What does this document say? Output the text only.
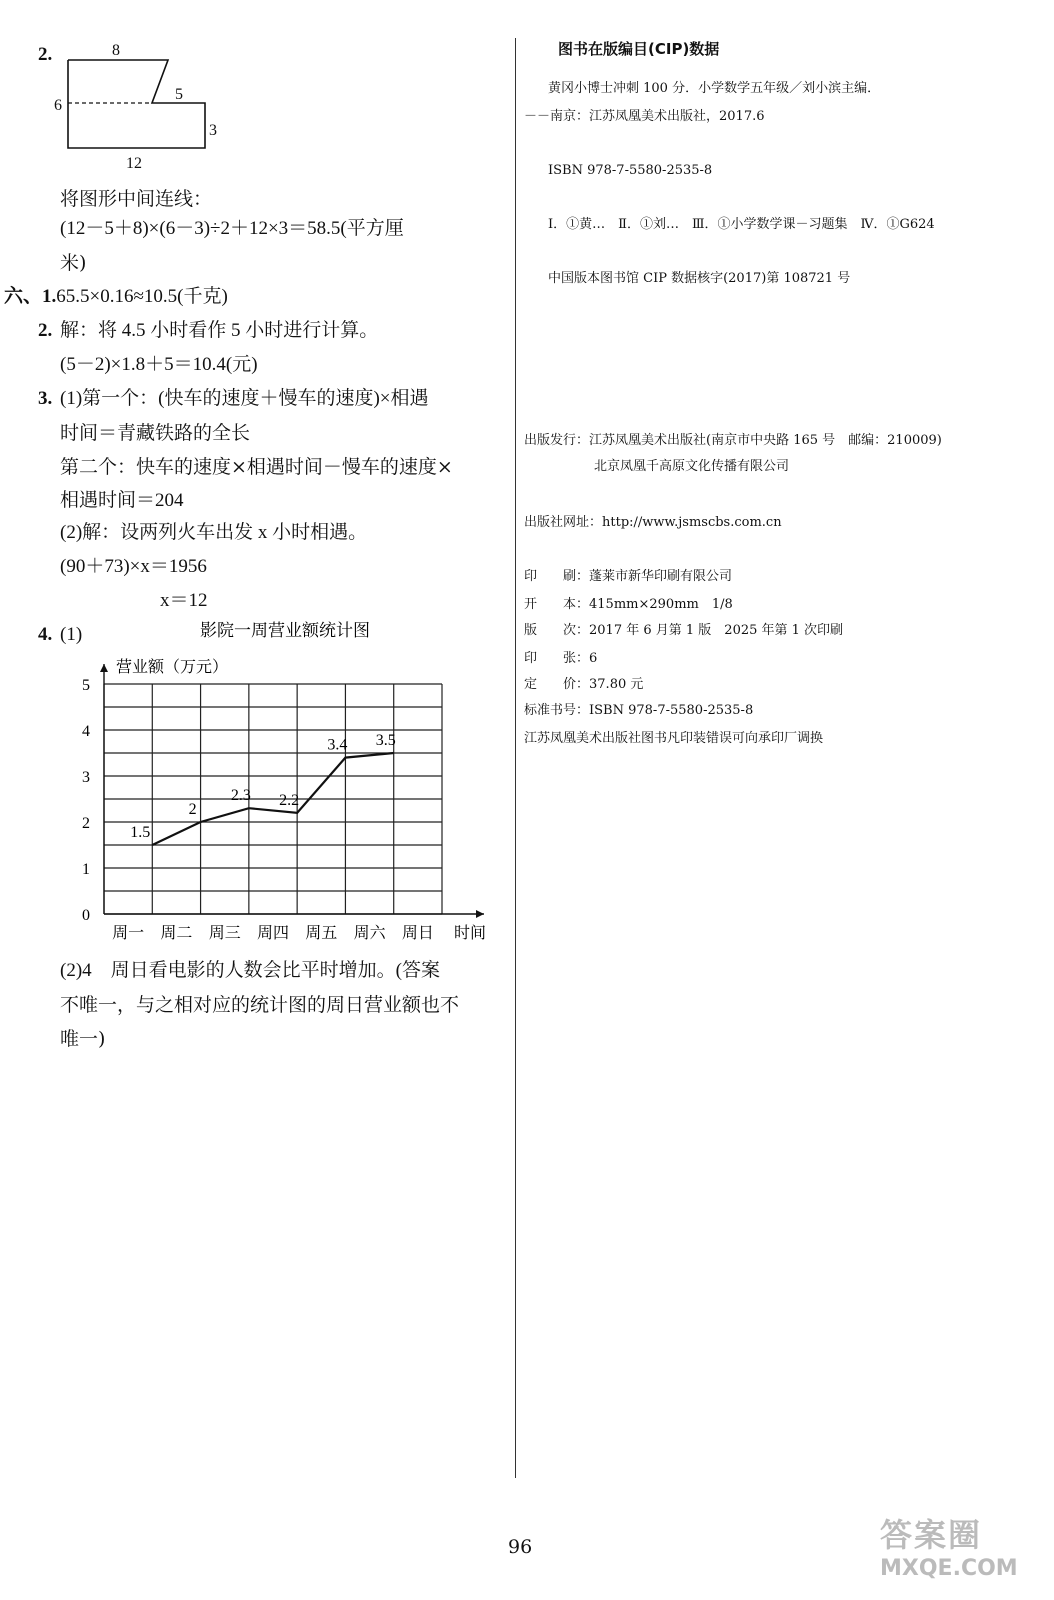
2.	8
6
5
3
12
将图形中间连线：
(12－5＋8)×(6－3)÷2＋12×3＝58.5(平方厘
米)
六、1.65.5×0.16≈10.5(千克)
2. 解：将 4.5 小时看作 5 小时进行计算。
(5－2)×1.8＋5＝10.4(元)
3. (1)第一个：(快车的速度＋慢车的速度)×相遇
时间＝青藏铁路的全长
第二个：快车的速度×相遇时间－慢车的速度×
相遇时间＝204
(2)解：设两列火车出发 x 小时相遇。
(90＋73)×x＝1956
x＝12
4. (1)	影院一周营业额统计图
营业额（万元）
0
1
2
3
4
5
周一 周二 周三 周四 周五 周六 周日 时间
1.5
2
2.3 2.2
3.4 3.5
(2)4　周日看电影的人数会比平时增加。(答案
不唯一，与之相对应的统计图的周日营业额也不
唯一)
图书在版编目(CIP)数据
黄冈小博士冲刺 100 分．小学数学五年级／刘小滨主编．
－－南京：江苏凤凰美术出版社，2017.6
ISBN 978-7-5580-2535-8
Ⅰ．①黄…　Ⅱ．①刘…　Ⅲ．①小学数学课－习题集　Ⅳ．①G624
中国版本图书馆 CIP 数据核字(2017)第 108721 号
出版发行：江苏凤凰美术出版社(南京市中央路 165 号　邮编：210009)
北京凤凰千高原文化传播有限公司
出版社网址：http://www.jsmscbs.com.cn
印　　刷：蓬莱市新华印刷有限公司
开　　本：415mm×290mm　1/8
版　　次：2017 年 6 月第 1 版　2025 年第 1 次印刷
印　　张：6
定　　价：37.80 元
标准书号：ISBN 978-7-5580-2535-8
江苏凤凰美术出版社图书凡印装错误可向承印厂调换
96	答案圈
MXQE.COM
